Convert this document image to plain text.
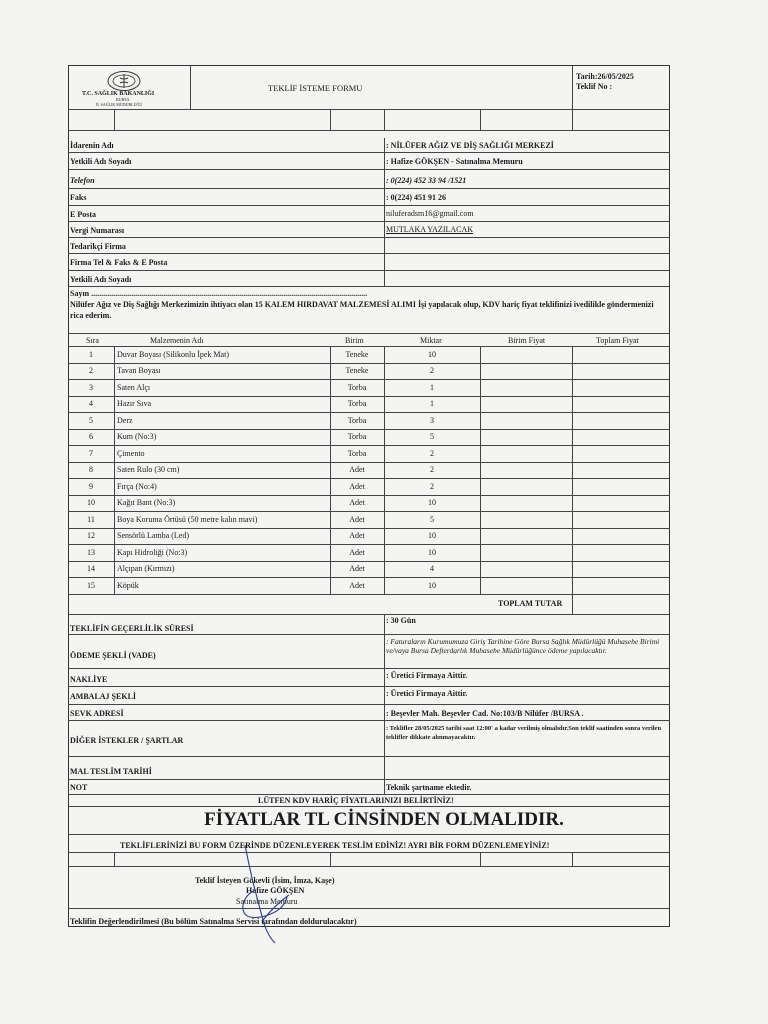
T.C. SAĞLIK BAKANLIĞI
BURSA
İL SAĞLIK MÜDÜRLÜĞÜ
TEKLİF İSTEME FORMU
Tarih:26/05/2025
Teklif No :
İdarenin Adı	: NİLÜFER AĞIZ VE DİŞ SAĞLIĞI MERKEZİ
Yetkili Adı Soyadı	: Hafize GÖKŞEN - Satınalma Memuru
Telefon	: 0(224) 452 33 94 /1521
Faks	: 0(224) 451 91 26
E Posta	niluferadsm16@gmail.com
Vergi Numarası	MUTLAKA YAZILACAK
Tedarikçi Firma
Firma Tel & Faks & E Posta
Yetkili Adı Soyadı
Sayın ..........................................................................................................................................
Nilüfer Ağız ve Diş Sağlığı Merkezimizin ihtiyacı olan 15 KALEM HIRDAVAT MALZEMESİ ALIMI İşi yapılacak olup, KDV hariç fiyat teklifinizi ivedilikle göndermenizi rica ederim.
Sıra	Malzemenin Adı	Birim	Miktar	Birim Fiyat	Toplam Fiyat
1	Duvar Boyası (Silikonlu İpek Mat)	Teneke	10
2	Tavan Boyası	Teneke	2
3	Saten Alçı	Torba	1
4	Hazır Sıva	Torba	1
5	Derz	Torba	3
6	Kum (No:3)	Torba	5
7	Çimento	Torba	2
8	Saten Rulo (30 cm)	Adet	2
9	Fırça (No:4)	Adet	2
10	Kağıt Bant (No:3)	Adet	10
11	Boya Koruma Örtüsü (50 metre kalın mavi)	Adet	5
12	Sensörlü Lamba (Led)	Adet	10
13	Kapı Hidroliği (No:3)	Adet	10
14	Alçıpan (Kırmızı)	Adet	4
15	Köpük	Adet	10
TOPLAM TUTAR
TEKLİFİN GEÇERLİLİK SÜRESİ
: 30 Gün
ÖDEME ŞEKLİ (VADE)
: Faturaların Kurumumuza Giriş Tarihine Göre Bursa Sağlık Müdürlüğü Muhasebe Birimi ve/vaya Bursa Defterdarlık Muhasebe Müdürlüğünce ödeme yapılacaktır.
NAKLİYE	: Üretici Firmaya Aittir.
AMBALAJ ŞEKLİ	: Üretici Firmaya Aittir.
SEVK ADRESİ	: Beşevler Mah. Beşevler Cad. No:103/B Nilüfer /BURSA .
DİĞER İSTEKLER / ŞARTLAR
: Teklifler 28/05/2025 tarihi saat 12:00' a kadar verilmiş olmalıdır.Son teklif saatinden sonra verilen teklifler dikkate alınmayacaktır.
MAL TESLİM TARİHİ
NOT	Teknik şartname ektedir.
LÜTFEN KDV HARİÇ FİYATLARINIZI BELİRTİNİZ!
FİYATLAR TL CİNSİNDEN OLMALIDIR.
TEKLİFLERİNİZİ BU FORM ÜZERİNDE DÜZENLEYEREK TESLİM EDİNİZ! AYRI BİR FORM DÜZENLEMEYİNİZ!
Teklif İsteyen Gökevli (İsim, İmza, Kaşe)
Hafize GÖKŞEN
Satınalma Memuru
Teklifin Değerlendirilmesi (Bu bölüm Satınalma Servisi tarafından doldurulacaktır)
